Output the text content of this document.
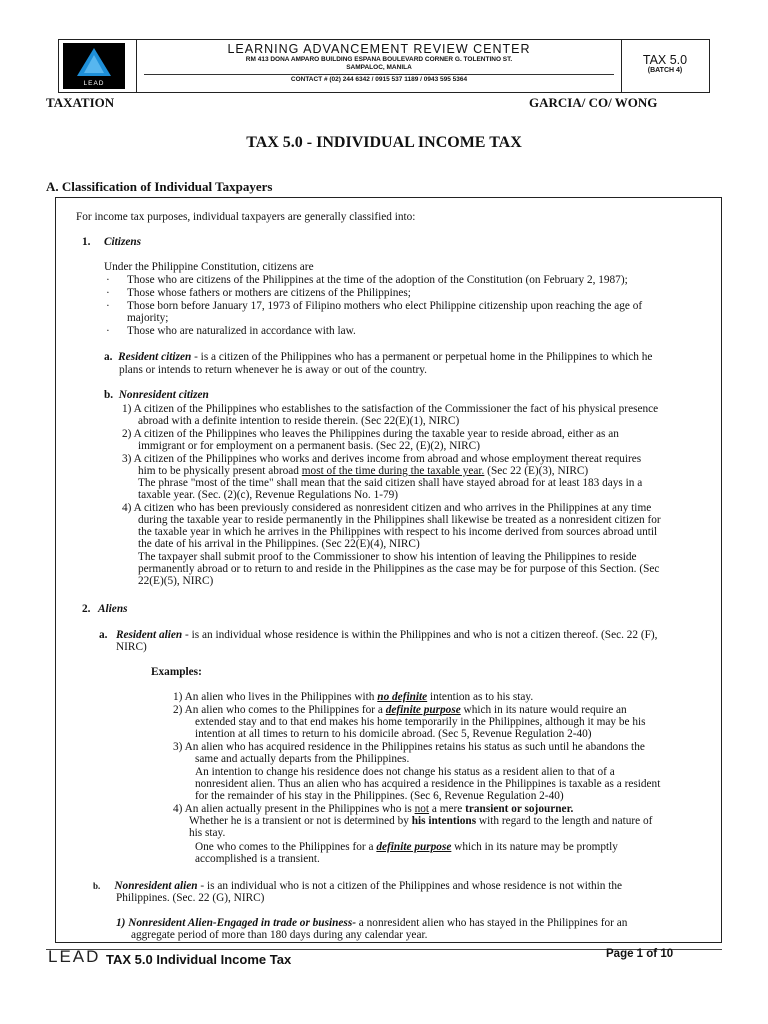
LEAD
LEARNING ADVANCEMENT REVIEW CENTER
RM 413 DONA AMPARO BUILDING ESPANA BOULEVARD CORNER G. TOLENTINO ST.
SAMPALOC, MANILA
CONTACT # (02) 244 6342 / 0915 537 1189 / 0943 595 5364
TAX 5.0
(BATCH 4)
TAXATION	GARCIA/ CO/ WONG
TAX 5.0 - INDIVIDUAL INCOME TAX
A. Classification of Individual Taxpayers
For income tax purposes, individual taxpayers are generally classified into:
1. Citizens
Under the Philippine Constitution, citizens are
· Those who are citizens of the Philippines at the time of the adoption of the Constitution (on February 2, 1987);
· Those whose fathers or mothers are citizens of the Philippines;
· Those born before January 17, 1973 of Filipino mothers who elect Philippine citizenship upon reaching the age of
majority;
· Those who are naturalized in accordance with law.
a. Resident citizen - is a citizen of the Philippines who has a permanent or perpetual home in the Philippines to which he
plans or intends to return whenever he is away or out of the country.
b. Nonresident citizen
1) A citizen of the Philippines who establishes to the satisfaction of the Commissioner the fact of his physical presence
abroad with a definite intention to reside therein. (Sec 22(E)(1), NIRC)
2) A citizen of the Philippines who leaves the Philippines during the taxable year to reside abroad, either as an
immigrant or for employment on a permanent basis. (Sec 22, (E)(2), NIRC)
3) A citizen of the Philippines who works and derives income from abroad and whose employment thereat requires
him to be physically present abroad most of the time during the taxable year. (Sec 22 (E)(3), NIRC)
The phrase "most of the time" shall mean that the said citizen shall have stayed abroad for at least 183 days in a
taxable year. (Sec. (2)(c), Revenue Regulations No. 1-79)
4) A citizen who has been previously considered as nonresident citizen and who arrives in the Philippines at any time
during the taxable year to reside permanently in the Philippines shall likewise be treated as a nonresident citizen for
the taxable year in which he arrives in the Philippines with respect to his income derived from sources abroad until
the date of his arrival in the Philippines. (Sec 22(E)(4), NIRC)
The taxpayer shall submit proof to the Commissioner to show his intention of leaving the Philippines to reside
permanently abroad or to return to and reside in the Philippines as the case may be for purpose of this Section. (Sec
22(E)(5), NIRC)
2. Aliens
a. Resident alien - is an individual whose residence is within the Philippines and who is not a citizen thereof. (Sec. 22 (F),
NIRC)
Examples:
1) An alien who lives in the Philippines with no definite intention as to his stay.
2) An alien who comes to the Philippines for a definite purpose which in its nature would require an
extended stay and to that end makes his home temporarily in the Philippines, although it may be his
intention at all times to return to his domicile abroad. (Sec 5, Revenue Regulation 2-40)
3) An alien who has acquired residence in the Philippines retains his status as such until he abandons the
same and actually departs from the Philippines.
An intention to change his residence does not change his status as a resident alien to that of a
nonresident alien. Thus an alien who has acquired a residence in the Philippines is taxable as a resident
for the remainder of his stay in the Philippines. (Sec 6, Revenue Regulation 2-40)
4) An alien actually present in the Philippines who is not a mere transient or sojourner.
Whether he is a transient or not is determined by his intentions with regard to the length and nature of
his stay.
One who comes to the Philippines for a definite purpose which in its nature may be promptly
accomplished is a transient.
b. Nonresident alien - is an individual who is not a citizen of the Philippines and whose residence is not within the
Philippines. (Sec. 22 (G), NIRC)
1) Nonresident Alien-Engaged in trade or business- a nonresident alien who has stayed in the Philippines for an
aggregate period of more than 180 days during any calendar year.
LEAD TAX 5.0 Individual Income Tax	Page 1 of 10
